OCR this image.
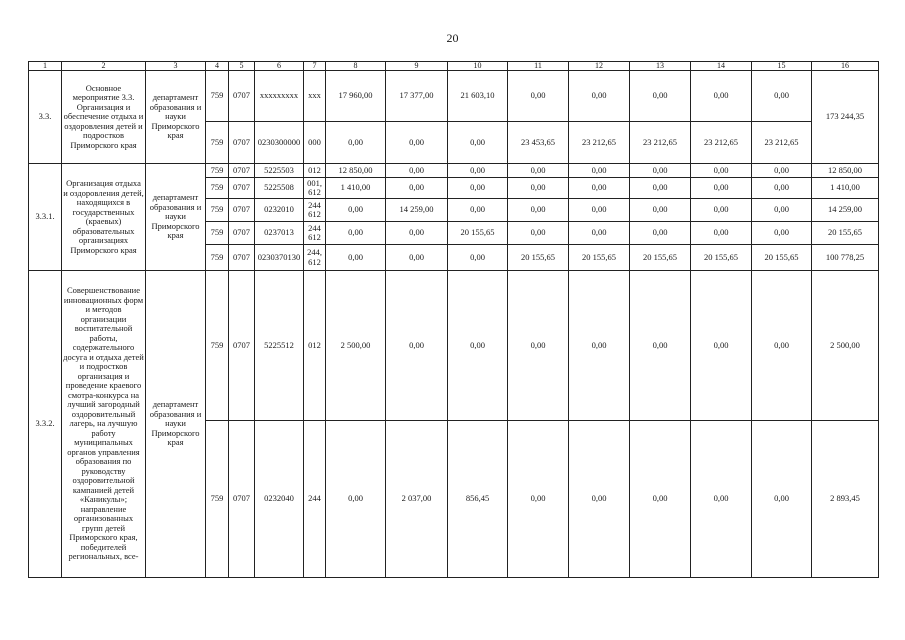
20
1	2	3	4	5	6	7	8	9	10	11	12	13	14	15	16
3.3.	Основное мероприятие 3.3. Организация и обеспечение отдыха и оздоровления детей и подростков Приморского края	департамент образования и науки Приморского края	759	0707	ххххххххх	ххх	17 960,00	17 377,00	21 603,10	0,00	0,00	0,00	0,00	0,00	173 244,35
			759	0707	0230300000	000	0,00	0,00	0,00	23 453,65	23 212,65	23 212,65	23 212,65	23 212,65	
3.3.1.	Организация отдыха и оздоровления детей, находящихся в государственных (краевых) образовательных организациях Приморского края	департамент образования и науки Приморского края	759	0707	5225503	012	12 850,00	0,00	0,00	0,00	0,00	0,00	0,00	0,00	12 850,00
			759	0707	5225508	001, 612	1 410,00	0,00	0,00	0,00	0,00	0,00	0,00	0,00	1 410,00
			759	0707	0232010	244 612	0,00	14 259,00	0,00	0,00	0,00	0,00	0,00	0,00	14 259,00
			759	0707	0237013	244 612	0,00	0,00	20 155,65	0,00	0,00	0,00	0,00	0,00	20 155,65
			759	0707	0230370130	244, 612	0,00	0,00	0,00	20 155,65	20 155,65	20 155,65	20 155,65	20 155,65	100 778,25
3.3.2.	Совершенствование инновационных форм и методов организации воспитательной работы, содержательного досуга и отдыха детей и подростков организация и проведение краевого смотра-конкурса на лучший загородный оздоровительный лагерь, на лучшую работу муниципальных органов управления образования по руководству оздоровительной кампанией детей «Каникулы»; направление организованных групп детей Приморского края, победителей региональных, все-	департамент образования и науки Приморского края	759	0707	5225512	012	2 500,00	0,00	0,00	0,00	0,00	0,00	0,00	0,00	2 500,00
			759	0707	0232040	244	0,00	2 037,00	856,45	0,00	0,00	0,00	0,00	0,00	2 893,45
